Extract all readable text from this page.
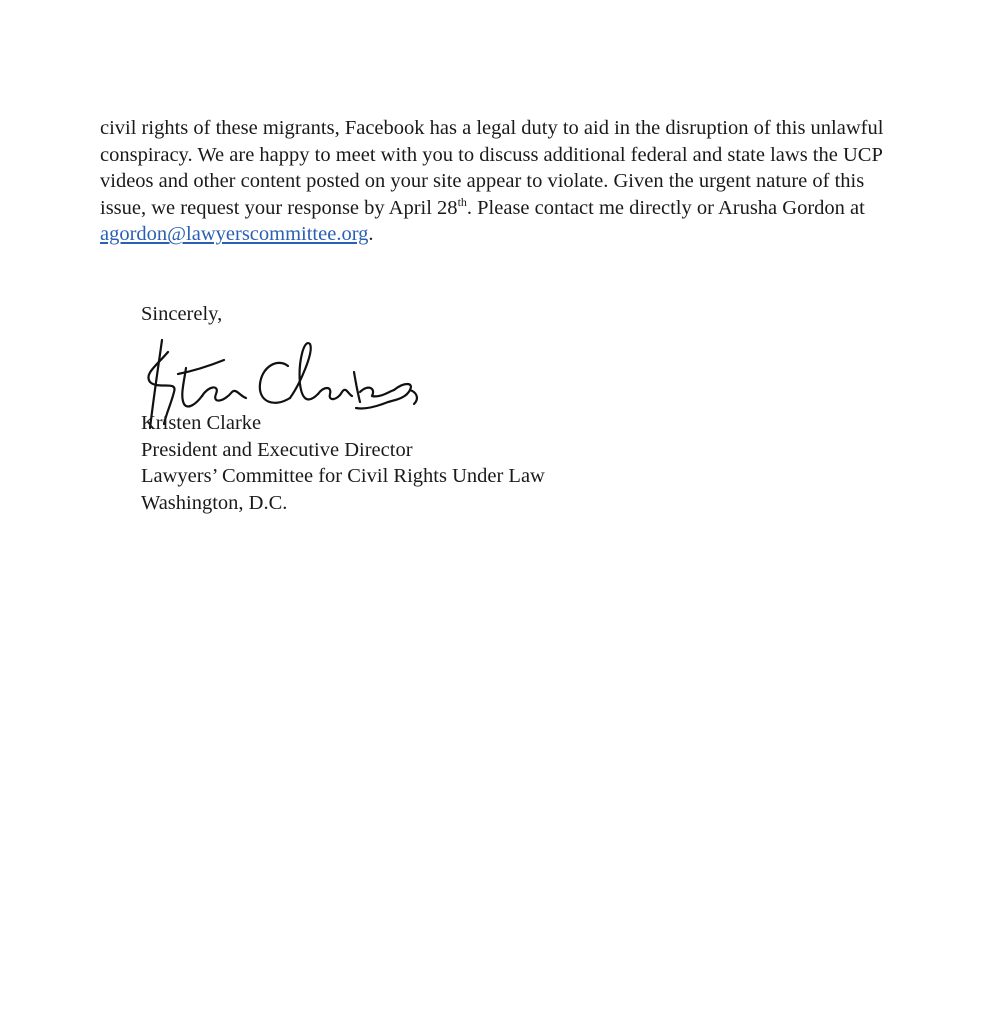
civil rights of these migrants, Facebook has a legal duty to aid in the disruption of this unlawful
conspiracy. We are happy to meet with you to discuss additional federal and state laws the UCP
videos and other content posted on your site appear to violate. Given the urgent nature of this
issue, we request your response by April 28th. Please contact me directly or Arusha Gordon at
agordon@lawyerscommittee.org.
Sincerely,
Kristen Clarke
President and Executive Director
Lawyers’ Committee for Civil Rights Under Law
Washington, D.C.
